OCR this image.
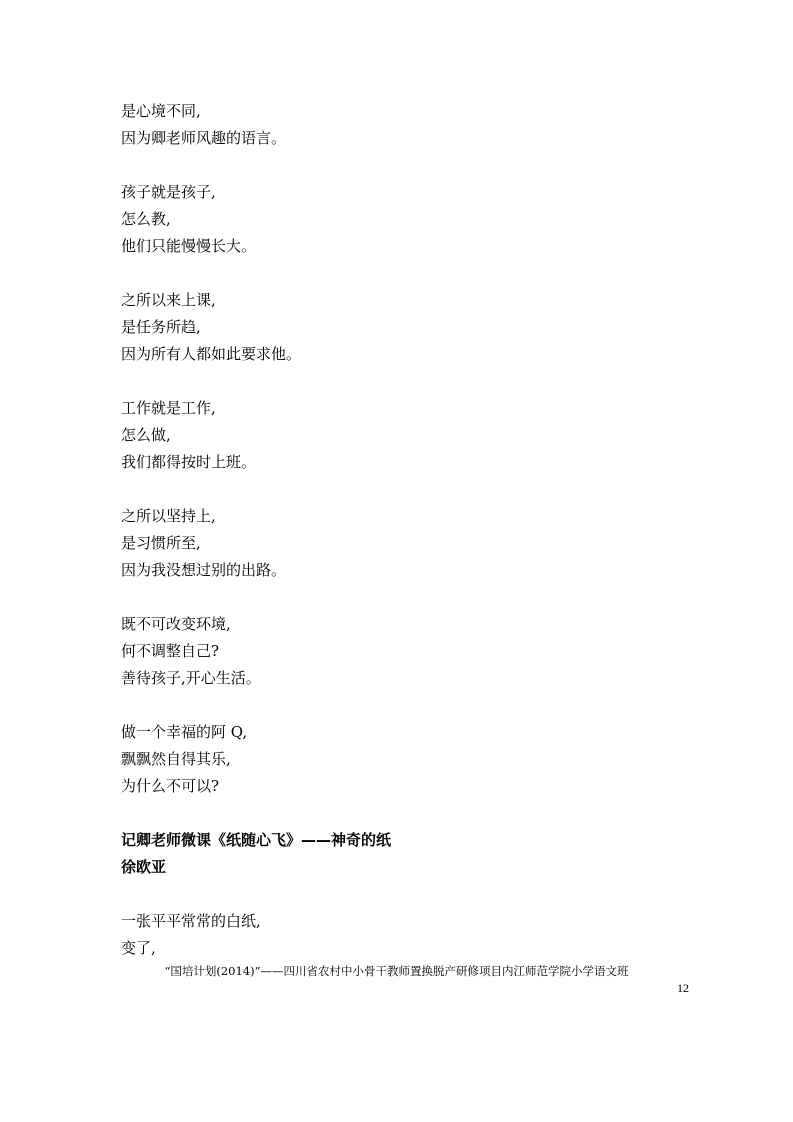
是心境不同,
因为卿老师风趣的语言。
孩子就是孩子,
怎么教,
他们只能慢慢长大。
之所以来上课,
是任务所趋,
因为所有人都如此要求他。
工作就是工作,
怎么做,
我们都得按时上班。
之所以坚持上,
是习惯所至,
因为我没想过别的出路。
既不可改变环境,
何不调整自己?
善待孩子,开心生活。
做一个幸福的阿 Q,
飘飘然自得其乐,
为什么不可以?
记卿老师微课《纸随心飞》——神奇的纸
徐欧亚
一张平平常常的白纸,
变了,
“国培计划(2014)”——四川省农村中小骨干教师置换脱产研修项目内江师范学院小学语文班
12
